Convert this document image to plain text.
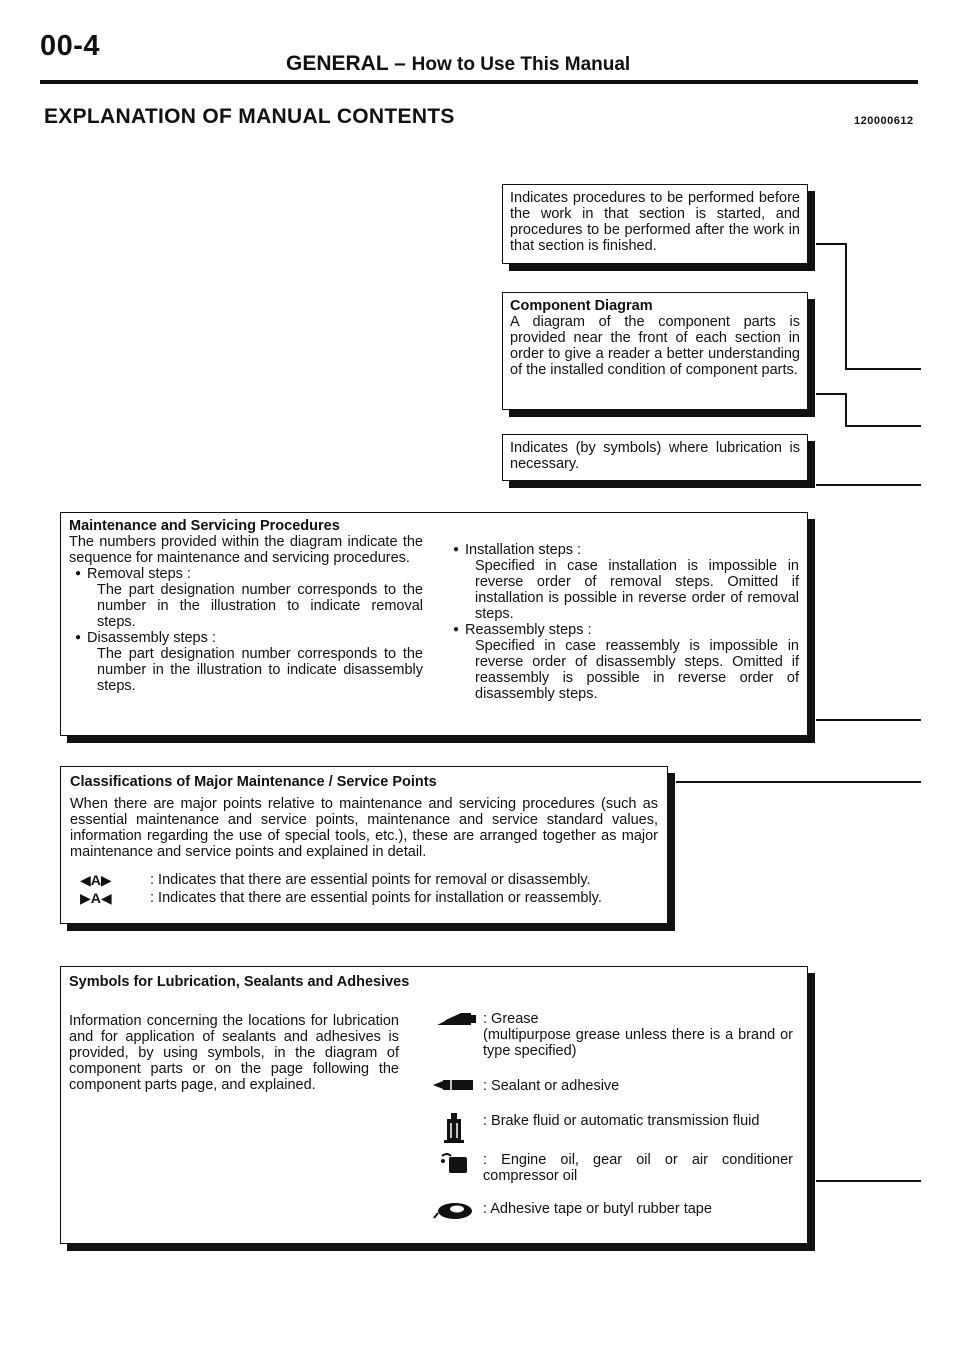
00-4
GENERAL – How to Use This Manual
EXPLANATION OF MANUAL CONTENTS	120000612

Indicates procedures to be performed before the work in that section is started, and procedures to be performed after the work in that section is finished.

Component Diagram

A diagram of the component parts is provided near the front of each section in order to give a reader a better understanding of the installed condition of component parts.

Indicates (by symbols) where lubrication is necessary.

Maintenance and Servicing Procedures

The numbers provided within the diagram indicate the sequence for maintenance and servicing procedures.

● Removal steps :

The part designation number corresponds to the number in the illustration to indicate removal steps.

● Disassembly steps :

The part designation number corresponds to the number in the illustration to indicate disassembly steps.

● Installation steps :

Specified in case installation is impossible in reverse order of removal steps. Omitted if installation is possible in reverse order of removal steps.

● Reassembly steps :

Specified in case reassembly is impossible in reverse order of disassembly steps. Omitted if reassembly is possible in reverse order of disassembly steps.

Classifications of Major Maintenance / Service Points

When there are major points relative to maintenance and servicing procedures (such as essential maintenance and service points, maintenance and service standard values, information regarding the use of special tools, etc.), these are arranged together as major maintenance and service points and explained in detail.

◀A▶	: Indicates that there are essential points for removal or disassembly.
▶A◀	: Indicates that there are essential points for installation or reassembly.
Symbols for Lubrication, Sealants and Adhesives

Information concerning the locations for lubrication and for application of sealants and adhesives is provided, by using symbols, in the diagram of component parts or on the page following the component parts page, and explained.

: Grease
(multipurpose grease unless there is a brand or type specified)
: Sealant or adhesive
: Brake fluid or automatic transmission fluid
: Engine oil, gear oil or air conditioner compressor oil
: Adhesive tape or butyl rubber tape
